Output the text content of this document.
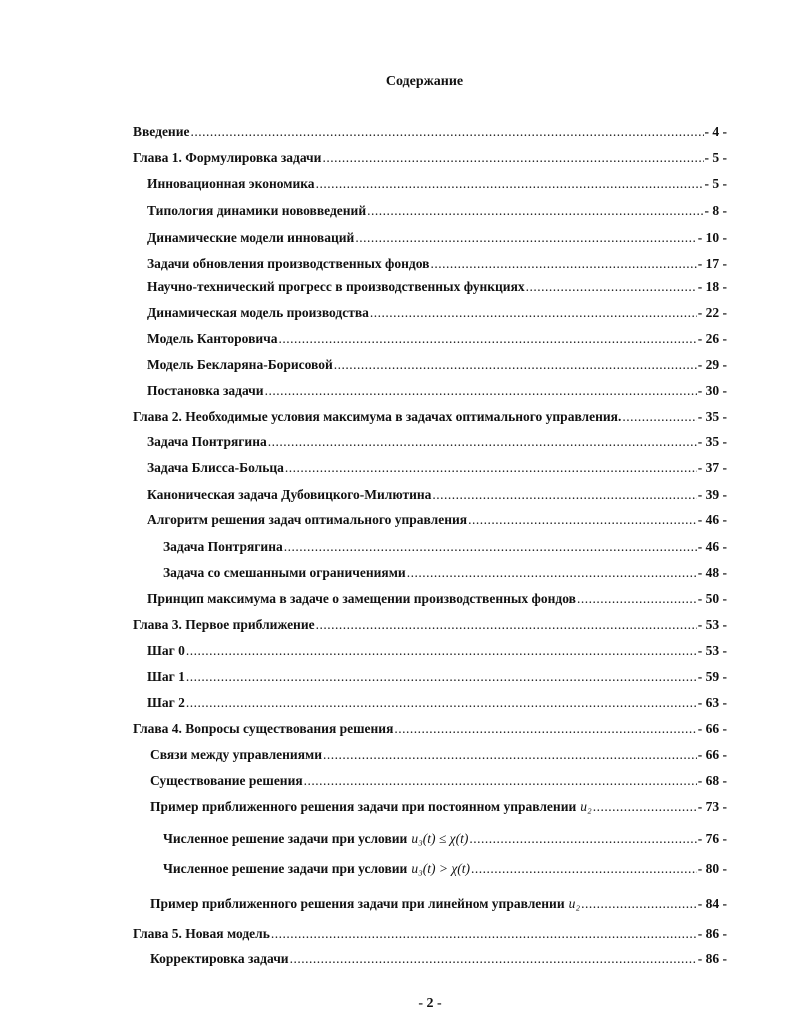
Содержание
Введение .....	- 4 -
Глава 1. Формулировка задачи .....	- 5 -
Инновационная экономика .....	- 5 -
Типология динамики нововведений .....	- 8 -
Динамические модели инноваций .....	- 10 -
Задачи обновления производственных фондов .....	- 17 -
Научно-технический прогресс в производственных функциях .....	- 18 -
Динамическая модель производства .....	- 22 -
Модель Канторовича .....	- 26 -
Модель Бекларяна-Борисовой .....	- 29 -
Постановка задачи .....	- 30 -
Глава 2. Необходимые условия максимума в задачах оптимального управления. .....	- 35 -
Задача Понтрягина .....	- 35 -
Задача Блисса-Больца .....	- 37 -
Каноническая задача Дубовицкого-Милютина .....	- 39 -
Алгоритм решения задач оптимального управления .....	- 46 -
Задача Понтрягина .....	- 46 -
Задача со смешанными ограничениями .....	- 48 -
Принцип максимума в задаче о замещении производственных фондов .....	- 50 -
Глава 3. Первое приближение .....	- 53 -
Шаг 0 .....	- 53 -
Шаг 1 .....	- 59 -
Шаг 2 .....	- 63 -
Глава 4. Вопросы существования решения .....	- 66 -
Связи между управлениями .....	- 66 -
Существование решения .....	- 68 -
Пример приближенного решения задачи при постоянном управлении u₂ .....	- 73 -
Численное решение задачи при условии u₃(t) ≤ χ(t) .....	- 76 -
Численное решение задачи при условии u₃(t) > χ(t) .....	- 80 -
Пример приближенного решения задачи при линейном управлении u₂ .....	- 84 -
Глава 5. Новая модель .....	- 86 -
Корректировка задачи .....	- 86 -
- 2 -
